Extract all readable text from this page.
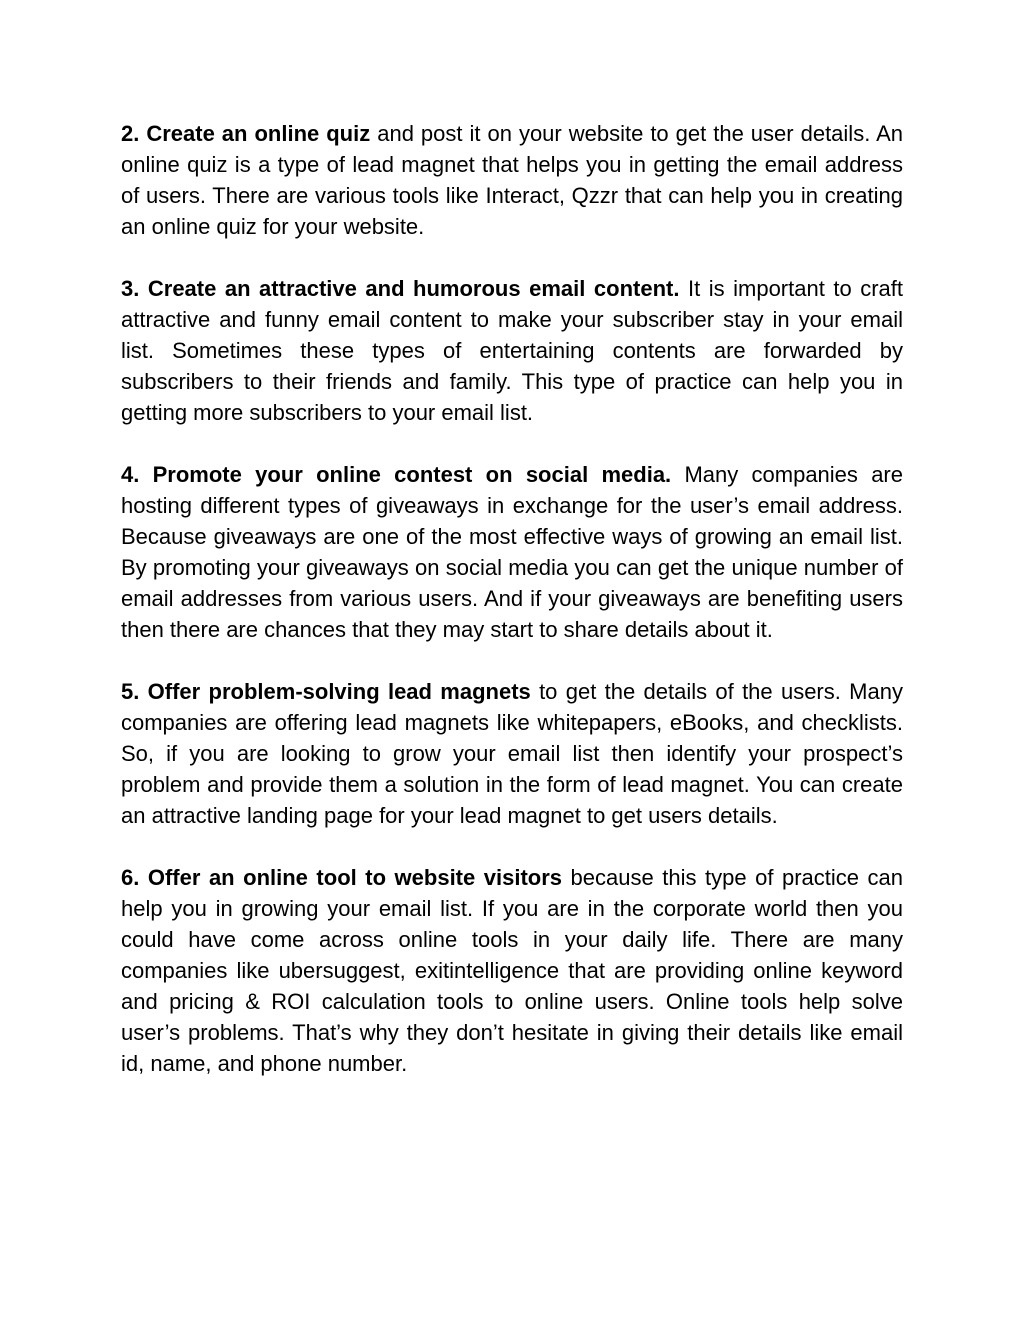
2. Create an online quiz and post it on your website to get the user details. An online quiz is a type of lead magnet that helps you in getting the email address of users. There are various tools like Interact, Qzzr that can help you in creating an online quiz for your website.

3. Create an attractive and humorous email content. It is important to craft attractive and funny email content to make your subscriber stay in your email list. Sometimes these types of entertaining contents are forwarded by subscribers to their friends and family. This type of practice can help you in getting more subscribers to your email list.

4. Promote your online contest on social media. Many companies are hosting different types of giveaways in exchange for the user’s email address. Because giveaways are one of the most effective ways of growing an email list. By promoting your giveaways on social media you can get the unique number of email addresses from various users. And if your giveaways are benefiting users then there are chances that they may start to share details about it.

5. Offer problem-solving lead magnets to get the details of the users. Many companies are offering lead magnets like whitepapers, eBooks, and checklists. So, if you are looking to grow your email list then identify your prospect’s problem and provide them a solution in the form of lead magnet. You can create an attractive landing page for your lead magnet to get users details.

6. Offer an online tool to website visitors because this type of practice can help you in growing your email list. If you are in the corporate world then you could have come across online tools in your daily life. There are many companies like ubersuggest, exitintelligence that are providing online keyword and pricing & ROI calculation tools to online users. Online tools help solve user’s problems. That’s why they don’t hesitate in giving their details like email id, name, and phone number.
